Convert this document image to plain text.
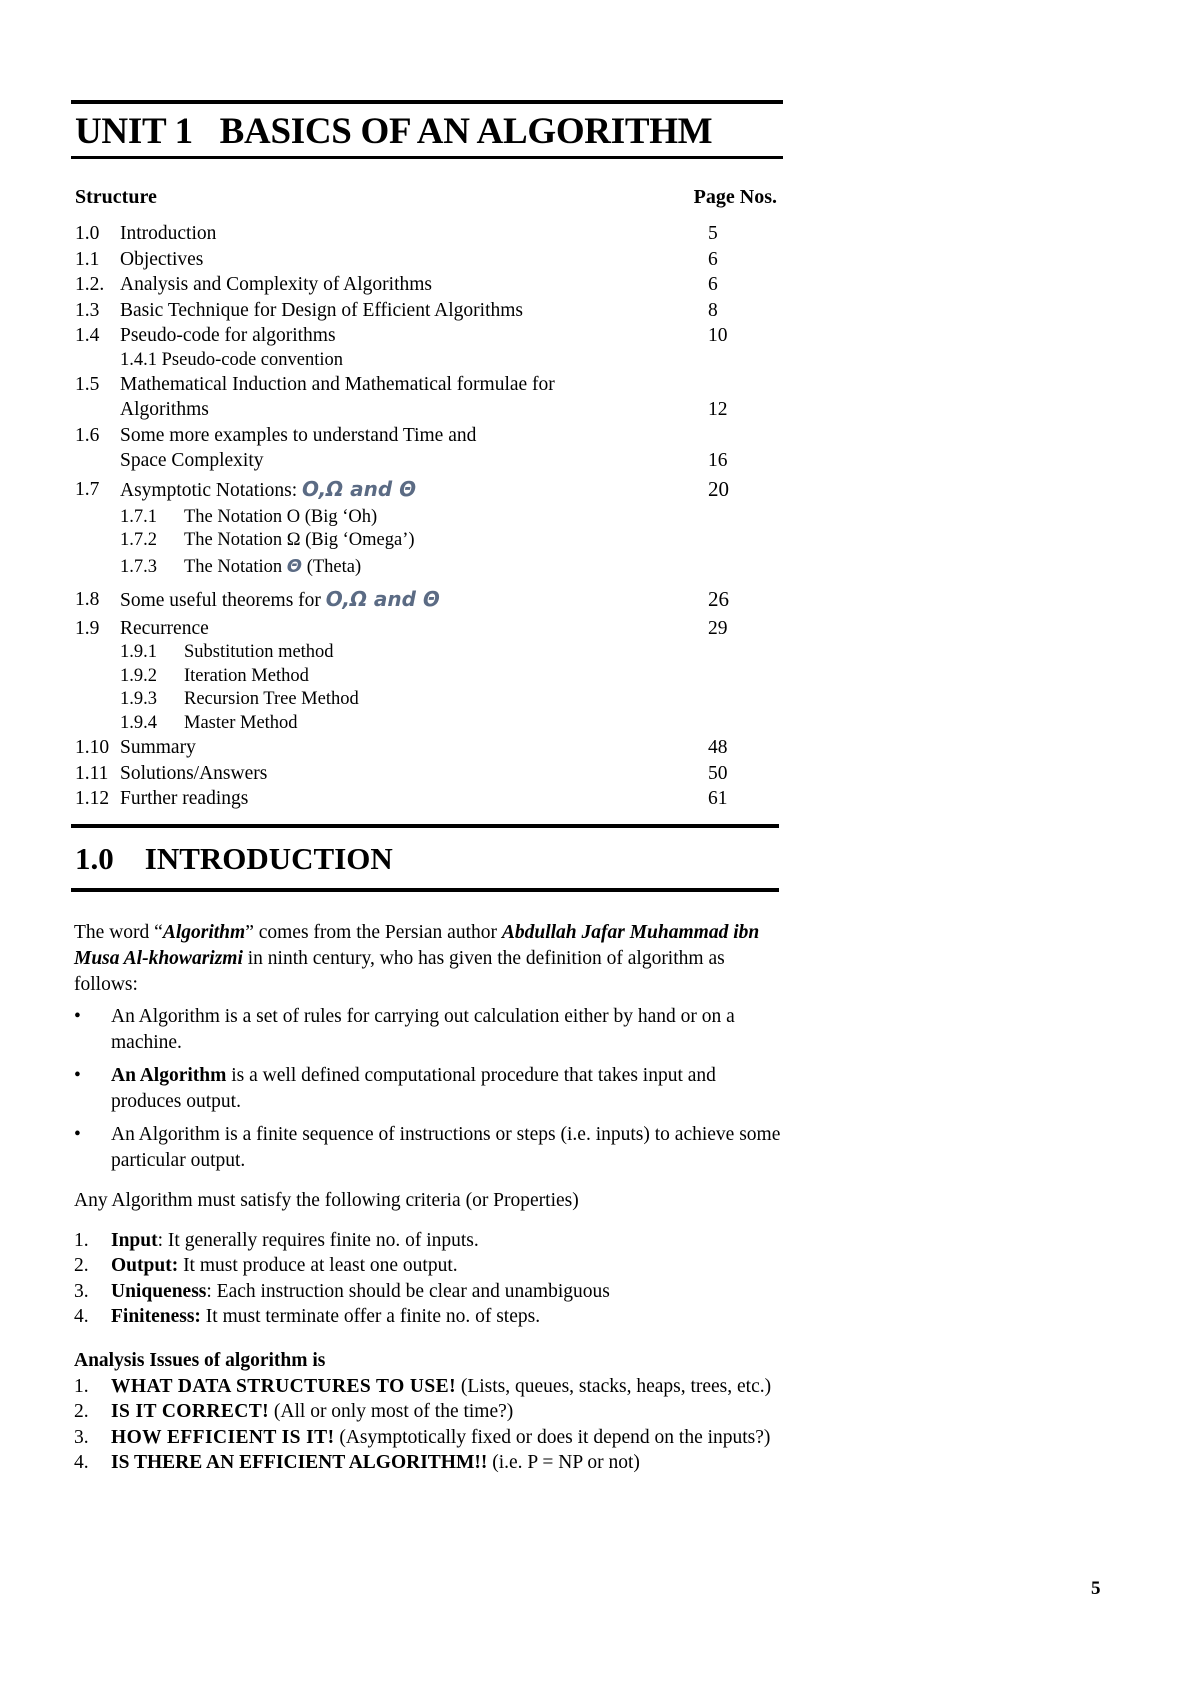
UNIT 1   BASICS OF AN ALGORITHM
Structure	Page Nos.
1.0	Introduction	5
1.1	Objectives	6
1.2. Analysis and Complexity of Algorithms	6
1.3	Basic Technique for Design of Efficient Algorithms	8
1.4	Pseudo-code for algorithms	10
1.4.1 Pseudo-code convention
1.5	Mathematical Induction and Mathematical formulae for
Algorithms	12
1.6	Some more examples to understand Time and
Space Complexity	16
1.7	Asymptotic Notations: O,Ω and Θ	20
1.7.1	The Notation O (Big ‘Oh)
1.7.2	The Notation Ω (Big ‘Omega’)
1.7.3	The Notation Θ (Theta)
1.8	Some useful theorems for O,Ω and Θ	26
1.9	Recurrence	29
1.9.1	Substitution method
1.9.2	Iteration Method
1.9.3	Recursion Tree Method
1.9.4	Master Method
1.10 Summary	48
1.11 Solutions/Answers	50
1.12 Further readings	61
1.0    INTRODUCTION
The word “Algorithm” comes from the Persian author Abdullah Jafar Muhammad ibn Musa Al-khowarizmi in ninth century, who has given the definition of algorithm as follows:
•	An Algorithm is a set of rules for carrying out calculation either by hand or on a machine.
•	An Algorithm is a well defined computational procedure that takes input and produces output.
•	An Algorithm is a finite sequence of instructions or steps (i.e. inputs) to achieve some particular output.
Any Algorithm must satisfy the following criteria (or Properties)
1.	Input: It generally requires finite no. of inputs.
2.	Output: It must produce at least one output.
3.	Uniqueness: Each instruction should be clear and unambiguous
4.	Finiteness: It must terminate offer a finite no. of steps.
Analysis Issues of algorithm is
1.	WHAT DATA STRUCTURES TO USE! (Lists, queues, stacks, heaps, trees, etc.)
2.	IS IT CORRECT! (All or only most of the time?)
3.	HOW EFFICIENT IS IT! (Asymptotically fixed or does it depend on the inputs?)
4.	IS THERE AN EFFICIENT ALGORITHM!! (i.e. P = NP or not)
5
